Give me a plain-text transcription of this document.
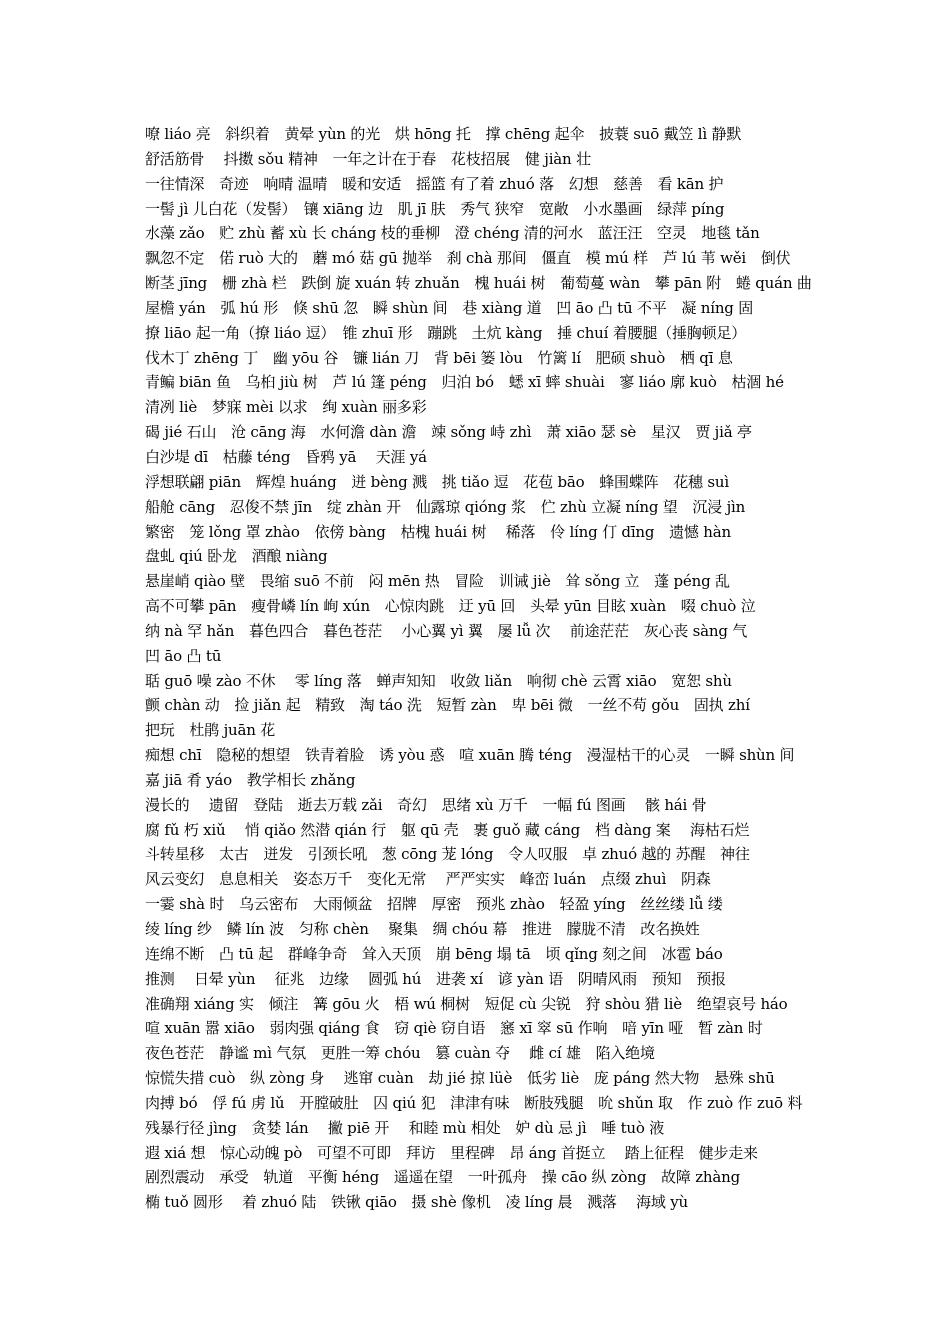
嘹 liáo 亮　斜织着　黄晕 yùn 的光　烘 hōng 托　撑 chēng 起伞　披蓑 suō 戴笠 lì 静默
舒活筋骨　 抖擞 sǒu 精神　一年之计在于春　花枝招展　健 jiàn 壮
一往情深　奇迹　响晴 温晴　暖和安适　摇篮 有了着 zhuó 落　幻想　慈善　看 kān 护
一髻 jì 儿白花（发髻）　镶 xiāng 边　肌 jī 肤　秀气 狭窄　宽敞　小水墨画　绿萍 píng
水藻 zǎo　贮 zhù 蓄 xù 长 cháng 枝的垂柳　澄 chéng 清的河水　蓝汪汪　空灵　地毯 tǎn
飘忽不定　偌 ruò 大的　蘑 mó 菇 gū 抛举　刹 chà 那间　僵直　模 mú 样　芦 lú 苇 wěi　倒伏
断茎 jīng　栅 zhà 栏　跌倒 旋 xuán 转 zhuǎn　槐 huái 树　葡萄蔓 wàn　攀 pān 附　蜷 quán 曲
屋檐 yán　弧 hú 形　倏 shū 忽　瞬 shùn 间　巷 xiàng 道　凹 āo 凸 tū 不平　凝 níng 固
撩 liāo 起一角（撩 liáo 逗）　锥 zhuī 形　蹦跳　土炕 kàng　捶 chuí 着腰腿（捶胸顿足）
伐木丁 zhēng 丁　幽 yōu 谷　镰 lián 刀　背 bēi 篓 lòu　竹篱 lí　肥硕 shuò　栖 qī 息
青鳊 biān 鱼　乌桕 jiù 树　芦 lú 篷 péng　归泊 bó　蟋 xī 蟀 shuài　寥 liáo 廓 kuò　枯涸 hé
清冽 liè　梦寐 mèi 以求　绚 xuàn 丽多彩
碣 jié 石山　沧 cāng 海　水何澹 dàn 澹　竦 sǒng 峙 zhì　萧 xiāo 瑟 sè　星汉　贾 jiǎ 亭
白沙堤 dī　枯藤 téng　昏鸦 yā　 天涯 yá
浮想联翩 piān　辉煌 huáng　迸 bèng 溅　挑 tiǎo 逗　花苞 bāo　蜂围蝶阵　花穗 suì
船舱 cāng　忍俊不禁 jīn　绽 zhàn 开　仙露琼 qióng 浆　伫 zhù 立凝 níng 望　沉浸 jìn
繁密　笼 lǒng 罩 zhào　依傍 bàng　枯槐 huái 树　 稀落　伶 líng 仃 dīng　遗憾 hàn
盘虬 qiú 卧龙　酒酿 niàng
悬崖峭 qiào 壁　畏缩 suō 不前　闷 mēn 热　冒险　训诫 jiè　耸 sǒng 立　蓬 péng 乱
高不可攀 pān　瘦骨嶙 lín 峋 xún　心惊肉跳　迂 yū 回　头晕 yūn 目眩 xuàn　啜 chuò 泣
纳 nà 罕 hǎn　暮色四合　暮色苍茫　 小心翼 yì 翼　屡 lǚ 次　 前途茫茫　灰心丧 sàng 气
凹 āo 凸 tū
聒 guō 噪 zào 不休　 零 líng 落　蝉声知知　收敛 liǎn　响彻 chè 云霄 xiāo　宽恕 shù
颤 chàn 动　捡 jiǎn 起　精致　淘 táo 洗　短暂 zàn　卑 bēi 微　一丝不苟 gǒu　固执 zhí
把玩　杜鹃 juān 花
痴想 chī　隐秘的想望　铁青着脸　诱 yòu 惑　喧 xuān 腾 téng　漫湿枯干的心灵　一瞬 shùn 间
嘉 jiā 肴 yáo　教学相长 zhǎng
漫长的　 遗留　登陆　逝去万载 zǎi　奇幻　思绪 xù 万千　一幅 fú 图画　 骸 hái 骨
腐 fǔ 朽 xiǔ　 悄 qiǎo 然潜 qián 行　躯 qū 壳　裹 guǒ 藏 cáng　档 dàng 案　 海枯石烂
斗转星移　太古　迸发　引颈长吼　葱 cōng 茏 lóng　令人叹服　卓 zhuó 越的 苏醒　神往
风云变幻　息息相关　姿态万千　变化无常　 严严实实　峰峦 luán　点缀 zhuì　阴森
一霎 shà 时　乌云密布　大雨倾盆　招牌　厚密　预兆 zhào　轻盈 yíng　丝丝缕 lǚ 缕
绫 líng 纱　鳞 lín 波　匀称 chèn　 聚集　绸 chóu 幕　推进　朦胧不清　改名换姓
连绵不断　凸 tū 起　群峰争奇　耸入天顶　崩 bēng 塌 tā　顷 qǐng 刻之间　冰雹 báo
推测　 日晕 yùn　 征兆　边缘　 圆弧 hú　进袭 xí　谚 yàn 语　阴晴风雨　预知　预报
准确翔 xiáng 实　倾注　篝 gōu 火　梧 wú 桐树　短促 cù 尖锐　狩 shòu 猎 liè　绝望哀号 háo
喧 xuān 嚣 xiāo　弱肉强 qiáng 食　窃 qiè 窃自语　窸 xī 窣 sū 作响　喑 yīn 哑　暂 zàn 时
夜色苍茫　静谧 mì 气氛　更胜一筹 chóu　篡 cuàn 夺　 雌 cí 雄　陷入绝境
惊慌失措 cuò　纵 zòng 身　 逃窜 cuàn　劫 jié 掠 lüè　低劣 liè　庞 páng 然大物　悬殊 shū
肉搏 bó　俘 fú 虏 lǔ　开膛破肚　囚 qiú 犯　津津有味　断肢残腿　吮 shǔn 取　作 zuò 作 zuō 料
残暴行径 jìng　贪婪 lán　 撇 piē 开　 和睦 mù 相处　妒 dù 忌 jì　唾 tuò 液
遐 xiá 想　惊心动魄 pò　可望不可即　拜访　里程碑　昂 áng 首挺立　 踏上征程　健步走来
剧烈震动　承受　轨道　平衡 héng　遥遥在望　一叶孤舟　操 cāo 纵 zòng　故障 zhàng
椭 tuǒ 圆形　 着 zhuó 陆　铁锹 qiāo　摄 shè 像机　凌 líng 晨　溅落　 海域 yù
